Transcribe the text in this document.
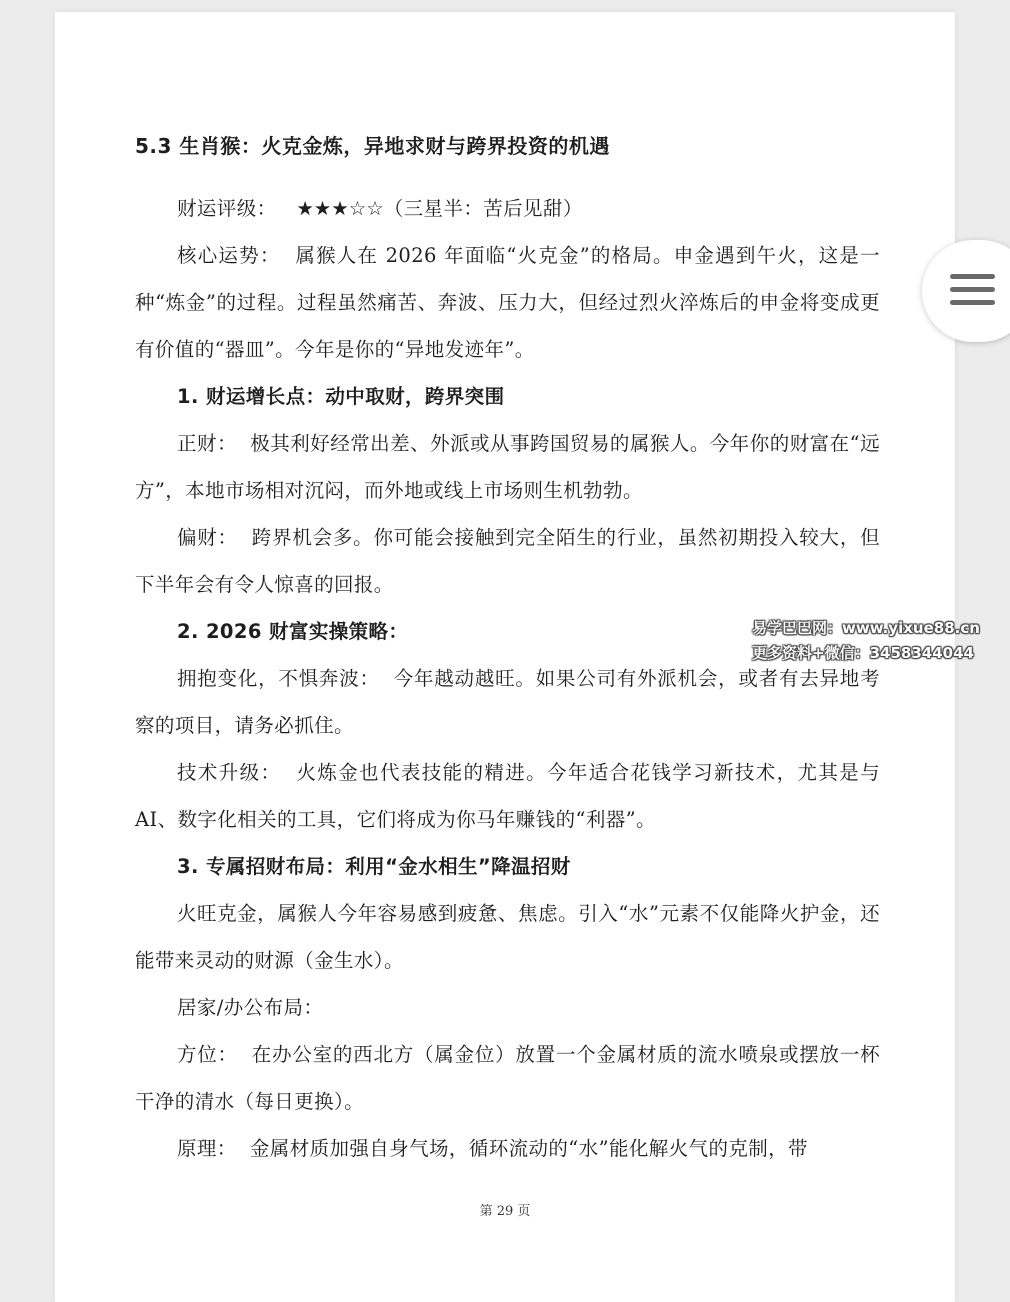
5.3 生肖猴：火克金炼，异地求财与跨界投资的机遇

财运评级： ★★★☆☆（三星半：苦后见甜）

核心运势： 属猴人在 2026 年面临“火克金”的格局。申金遇到午火，这是一种“炼金”的过程。过程虽然痛苦、奔波、压力大，但经过烈火淬炼后的申金将变成更有价值的“器皿”。今年是你的“异地发迹年”。

1. 财运增长点：动中取财，跨界突围

正财： 极其利好经常出差、外派或从事跨国贸易的属猴人。今年你的财富在“远方”，本地市场相对沉闷，而外地或线上市场则生机勃勃。

偏财： 跨界机会多。你可能会接触到完全陌生的行业，虽然初期投入较大，但下半年会有令人惊喜的回报。

2. 2026 财富实操策略：

拥抱变化，不惧奔波： 今年越动越旺。如果公司有外派机会，或者有去异地考察的项目，请务必抓住。

技术升级： 火炼金也代表技能的精进。今年适合花钱学习新技术，尤其是与 AI、数字化相关的工具，它们将成为你马年赚钱的“利器”。

3. 专属招财布局：利用“金水相生”降温招财

火旺克金，属猴人今年容易感到疲惫、焦虑。引入“水”元素不仅能降火护金，还能带来灵动的财源（金生水）。

居家/办公布局：

方位： 在办公室的西北方（属金位）放置一个金属材质的流水喷泉或摆放一杯干净的清水（每日更换）。

原理： 金属材质加强自身气场，循环流动的“水”能化解火气的克制，带

第 29 页
易学巴巴网：www.yixue88.cn
更多资料+微信：3458344044
